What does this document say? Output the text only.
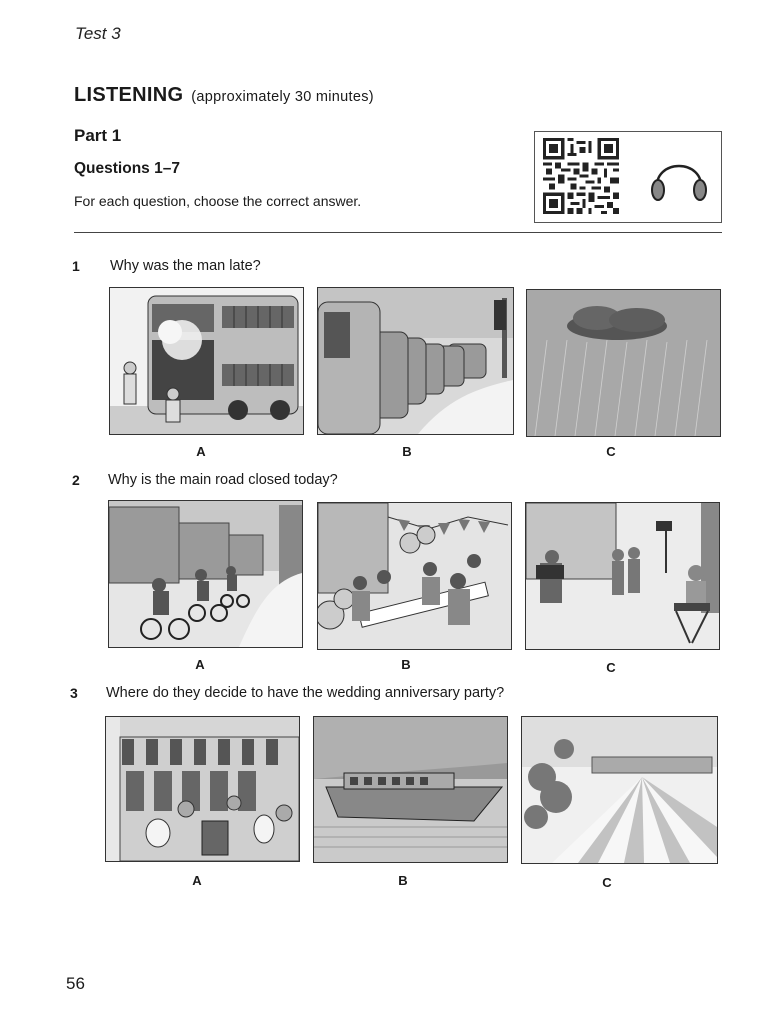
Test 3
LISTENING (approximately 30 minutes)
Part 1
Questions 1–7
For each question, choose the correct answer.
1 Why was the man late?
A	B	C
2 Why is the main road closed today?
A	B	C
3 Where do they decide to have the wedding anniversary party?
A	B	C
56
